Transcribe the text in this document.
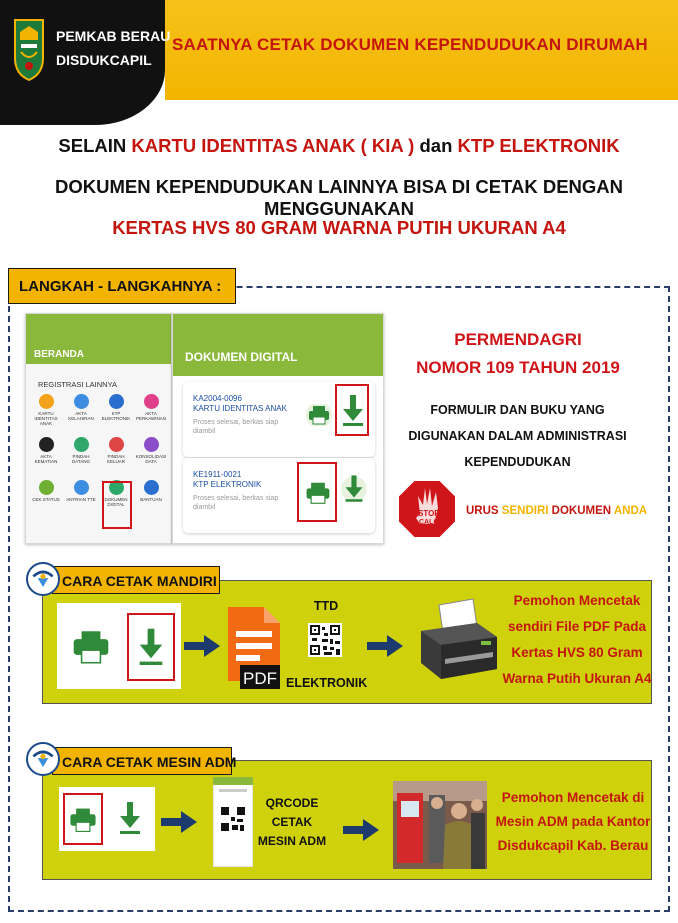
PEMKAB BERAU
DISDUKCAPIL
SAATNYA CETAK DOKUMEN KEPENDUDUKAN DIRUMAH
SELAIN KARTU IDENTITAS ANAK ( KIA ) dan KTP ELEKTRONIK
DOKUMEN KEPENDUDUKAN LAINNYA BISA DI CETAK DENGAN MENGGUNAKAN
KERTAS HVS 80 GRAM WARNA PUTIH UKURAN A4
LANGKAH - LANGKAHNYA :
BERANDA
REGISTRASI LAINNYA
KARTU IDENTITAS ANAK
AKTA KELAHIRAN
KTP ELEKTRONIK
AKTA PERKAWINAN
AKTA KEMATIAN
PINDAH DATANG
PINDAH KELUAR
KONSOLIDASI DATA
CEK STATUS	ANTRIAN TTE	DOKUMEN DIGITAL
BANTUAN
DOKUMEN DIGITAL
KA2004-0096
KARTU IDENTITAS ANAK
Proses selesai, berkas siap diambil
KE1911-0021
KTP ELEKTRONIK
Proses selesai, berkas siap diambil
PERMENDAGRI
NOMOR 109 TAHUN 2019
FORMULIR DAN BUKU YANG
DIGUNAKAN DALAM ADMINISTRASI
KEPENDUDUKAN
STOP
CALO
URUS SENDIRI DOKUMEN ANDA
PDF
TTD
ELEKTRONIK
Pemohon Mencetak
sendiri File PDF Pada
Kertas HVS 80 Gram
Warna Putih Ukuran A4
CARA CETAK MANDIRI
QRCODE
CETAK
MESIN ADM
Pemohon Mencetak di
Mesin ADM pada Kantor
Disdukcapil Kab. Berau
CARA CETAK MESIN ADM
